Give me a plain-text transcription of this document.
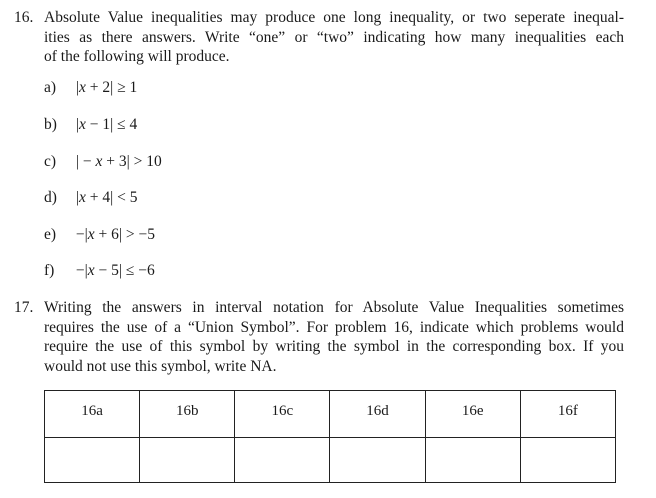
16. Absolute Value inequalities may produce one long inequality, or two seperate inequal-
ities as there answers. Write “one” or “two” indicating how many inequalities each
of the following will produce.
a) |x + 2| ≥ 1
b) |x − 1| ≤ 4
c) | − x + 3| > 10
d) |x + 4| < 5
e) −|x + 6| > −5
f) −|x − 5| ≤ −6
17. Writing the answers in interval notation for Absolute Value Inequalities sometimes
requires the use of a “Union Symbol”. For problem 16, indicate which problems would
require the use of this symbol by writing the symbol in the corresponding box. If you
would not use this symbol, write NA.
16a	16b	16c	16d	16e	16f
